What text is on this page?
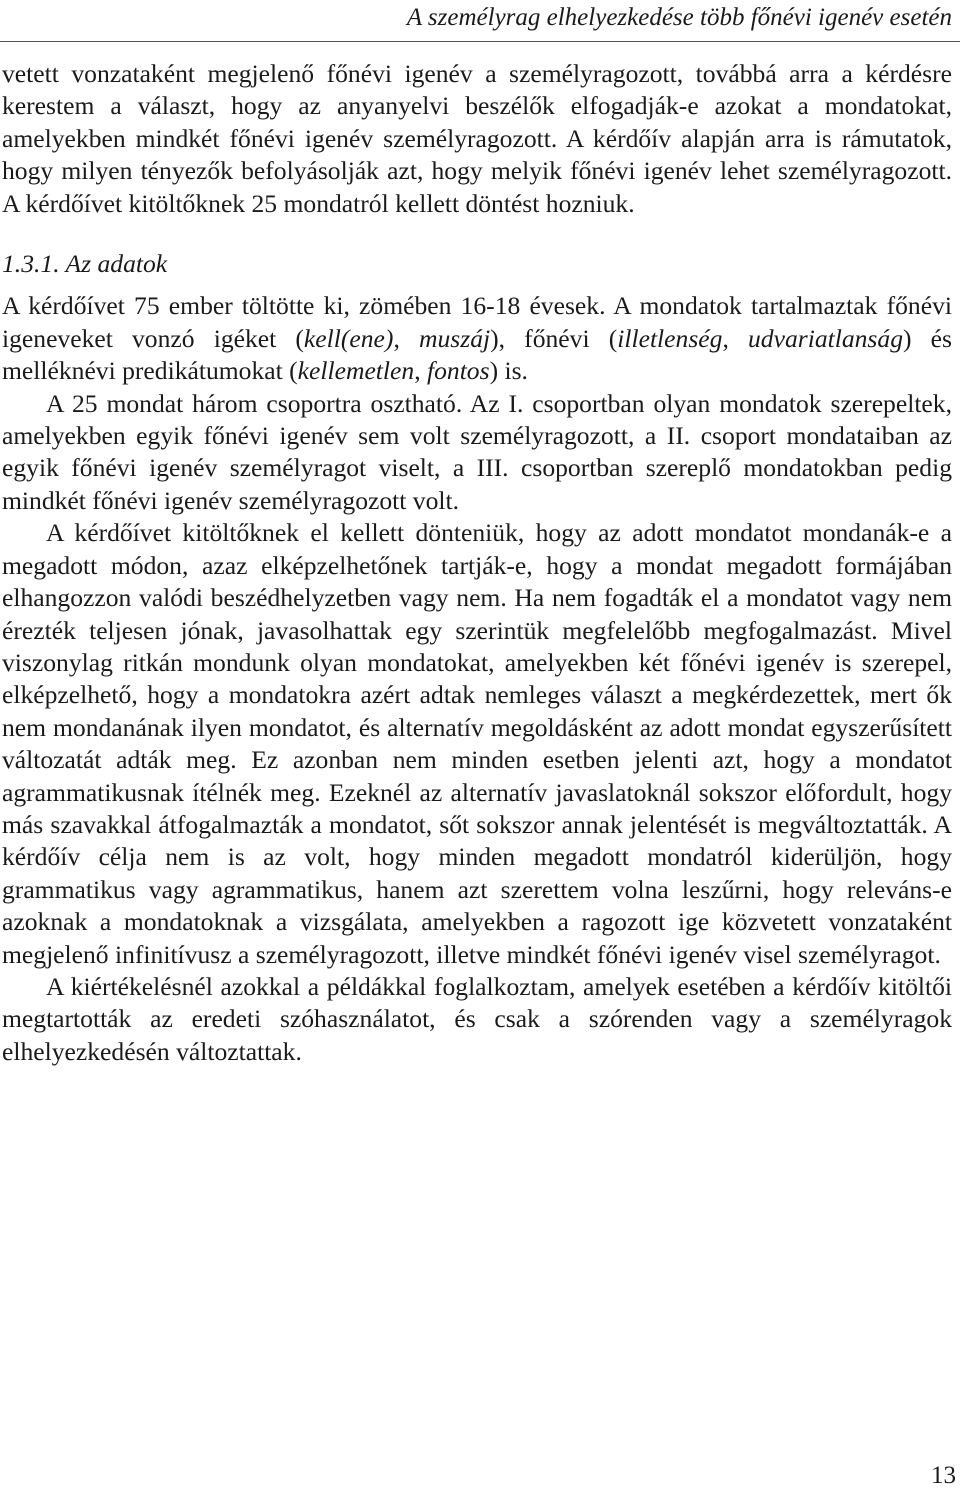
A személyrag elhelyezkedése több főnévi igenév esetén

vetett vonzataként megjelenő főnévi igenév a személyragozott, továbbá arra a kérdésre kerestem a választ, hogy az anyanyelvi beszélők elfogadják-e azokat a mondatokat, amelyekben mindkét főnévi igenév személyragozott. A kérdőív alapján arra is rámutatok, hogy milyen tényezők befolyásolják azt, hogy melyik főnévi igenév lehet személyragozott. A kérdőívet kitöltőknek 25 mondatról kellett döntést hozniuk.

1.3.1. Az adatok

A kérdőívet 75 ember töltötte ki, zömében 16-18 évesek. A mondatok tartalmaztak főnévi igeneveket vonzó igéket (kell(ene), muszáj), főnévi (illetlenség, udvariatlanság) és melléknévi predikátumokat (kellemetlen, fontos) is.

A 25 mondat három csoportra osztható. Az I. csoportban olyan mondatok szerepeltek, amelyekben egyik főnévi igenév sem volt személyragozott, a II. csoport mondataiban az egyik főnévi igenév személyragot viselt, a III. csoportban szereplő mondatokban pedig mindkét főnévi igenév személyragozott volt.

A kérdőívet kitöltőknek el kellett dönteniük, hogy az adott mondatot mondanák-e a megadott módon, azaz elképzelhetőnek tartják-e, hogy a mondat megadott formájában elhangozzon valódi beszédhelyzetben vagy nem. Ha nem fogadták el a mondatot vagy nem érezték teljesen jónak, javasolhattak egy szerintük megfelelőbb megfogalmazást. Mivel viszonylag ritkán mondunk olyan mondatokat, amelyekben két főnévi igenév is szerepel, elképzelhető, hogy a mondatokra azért adtak nemleges választ a megkérdezettek, mert ők nem mondanának ilyen mondatot, és alternatív megoldásként az adott mondat egyszerűsített változatát adták meg. Ez azonban nem minden esetben jelenti azt, hogy a mondatot agrammatikusnak ítélnék meg. Ezeknél az alternatív javaslatoknál sokszor előfordult, hogy más szavakkal átfogalmazták a mondatot, sőt sokszor annak jelentését is megváltoztatták. A kérdőív célja nem is az volt, hogy minden megadott mondatról kiderüljön, hogy grammatikus vagy agrammatikus, hanem azt szerettem volna leszűrni, hogy releváns-e azoknak a mondatoknak a vizsgálata, amelyekben a ragozott ige közvetett vonzataként megjelenő infinitívusz a személyragozott, illetve mindkét főnévi igenév visel személyragot.

A kiértékelésnél azokkal a példákkal foglalkoztam, amelyek esetében a kérdőív kitöltői megtartották az eredeti szóhasználatot, és csak a szórenden vagy a személyragok elhelyezkedésén változtattak.

13
